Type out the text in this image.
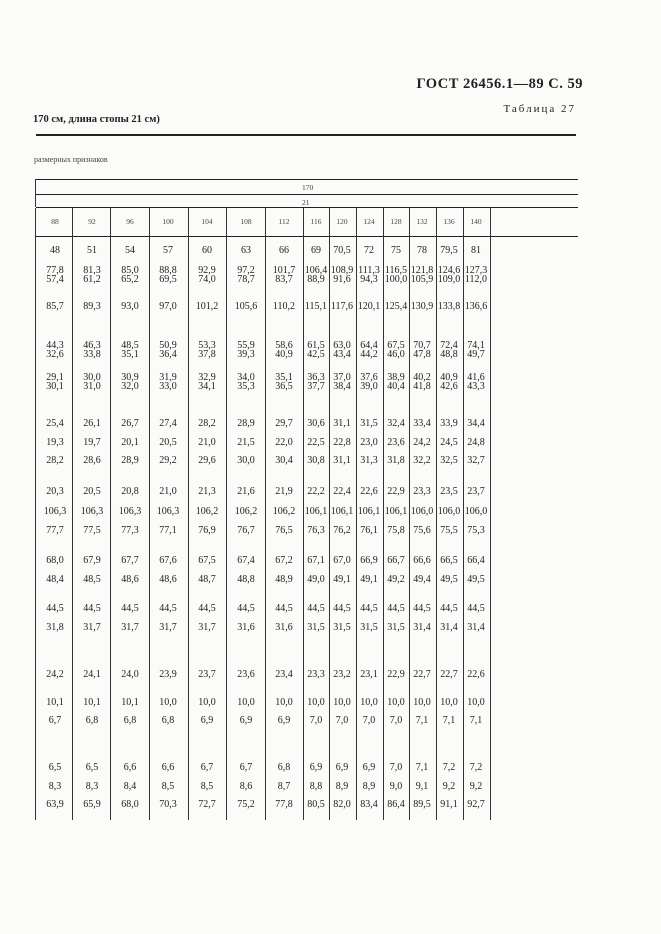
ГОСТ 26456.1—89 С. 59
Таблица 27
170 см, длина стопы 21 см)
размерных признаков
170
21
88	92	96	100	104	108	112	116	120	124	128	132	136	140
48	51	54	57	60	63	66	69	70,5	72	75	78	79,5	81
77,8	81,3	85,0	88,8	92,9	97,2	101,7 106,4 108,9 111,3 116,5 121,8 124,6 127,3
57,4	61,2	65,2	69,5	74,0	78,7	83,7	88,9 91,6 94,3 100,0 105,9 109,0 112,0
85,7	89,3	93,0	97,0	101,2	105,6	110,2 115,1 117,6 120,1 125,4 130,9 133,8 136,6
44,3	46,3	48,5	50,9	53,3	55,9	58,6	61,5 63,0 64,4 67,5 70,7 72,4 74,1
32,6	33,8	35,1	36,4	37,8	39,3	40,9	42,5 43,4 44,2 46,0 47,8 48,8 49,7
29,1	30,0	30,9	31,9	32,9	34,0	35,1	36,3 37,0 37,6 38,9 40,2 40,9 41,6
30,1	31,0	32,0	33,0	34,1	35,3	36,5	37,7 38,4 39,0 40,4 41,8 42,6 43,3
25,4	26,1	26,7	27,4	28,2	28,9	29,7	30,6 31,1 31,5 32,4 33,4 33,9 34,4
19,3	19,7	20,1	20,5	21,0	21,5	22,0	22,5 22,8 23,0 23,6 24,2 24,5 24,8
28,2	28,6	28,9	29,2	29,6	30,0	30,4	30,8 31,1 31,3 31,8 32,2 32,5 32,7
20,3	20,5	20,8	21,0	21,3	21,6	21,9	22,2 22,4 22,6 22,9 23,3 23,5 23,7
106,3	106,3	106,3	106,3	106,2	106,2	106,2 106,1 106,1 106,1 106,1 106,0 106,0 106,0
77,7	77,5	77,3	77,1	76,9	76,7	76,5	76,3 76,2 76,1 75,8 75,6 75,5 75,3
68,0	67,9	67,7	67,6	67,5	67,4	67,2	67,1 67,0 66,9 66,7 66,6 66,5 66,4
48,4	48,5	48,6	48,6	48,7	48,8	48,9	49,0 49,1 49,1 49,2 49,4 49,5 49,5
44,5	44,5	44,5	44,5	44,5	44,5	44,5	44,5 44,5 44,5 44,5 44,5 44,5 44,5
31,8	31,7	31,7	31,7	31,7	31,6	31,6	31,5 31,5 31,5 31,5 31,4 31,4 31,4
24,2	24,1	24,0	23,9	23,7	23,6	23,4	23,3 23,2 23,1 22,9 22,7 22,7 22,6
10,1	10,1	10,1	10,0	10,0	10,0	10,0	10,0 10,0 10,0 10,0 10,0 10,0 10,0
6,7	6,8	6,8	6,8	6,9	6,9	6,9	7,0	7,0	7,0	7,0	7,1	7,1	7,1
6,5	6,5	6,6	6,6	6,7	6,7	6,8	6,9	6,9	6,9	7,0	7,1	7,2	7,2
8,3	8,3	8,4	8,5	8,5	8,6	8,7	8,8	8,9	8,9	9,0	9,1	9,2	9,2
63,9	65,9	68,0	70,3	72,7	75,2	77,8	80,5 82,0 83,4 86,4 89,5 91,1 92,7
